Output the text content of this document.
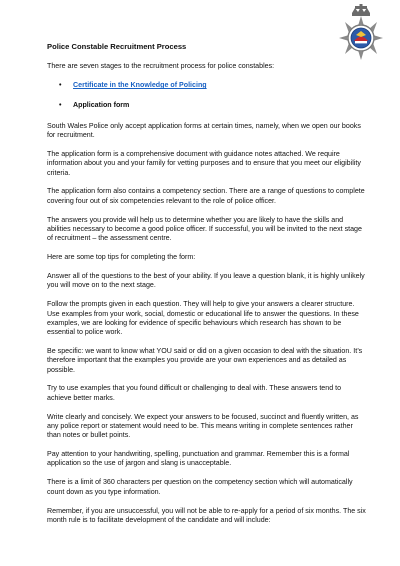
Police Constable Recruitment Process

There are seven stages to the recruitment process for police constables:

• Certificate in the Knowledge of Policing
• Application form

South Wales Police only accept application forms at certain times, namely, when we open our books for recruitment.

The application form is a comprehensive document with guidance notes attached. We require information about you and your family for vetting purposes and to ensure that you meet our eligibility criteria.

The application form also contains a competency section. There are a range of questions to complete covering four out of six competencies relevant to the role of police officer.

The answers you provide will help us to determine whether you are likely to have the skills and abilities necessary to become a good police officer. If successful, you will be invited to the next stage of recruitment – the assessment centre.

Here are some top tips for completing the form:

Answer all of the questions to the best of your ability. If you leave a question blank, it is highly unlikely you will move on to the next stage.

Follow the prompts given in each question. They will help to give your answers a clearer structure. Use examples from your work, social, domestic or educational life to answer the questions. In these examples, we are looking for evidence of specific behaviours which research has shown to be essential to police work.

Be specific: we want to know what YOU said or did on a given occasion to deal with the situation. It’s therefore important that the examples you provide are your own experiences and as detailed as possible.

Try to use examples that you found difficult or challenging to deal with. These answers tend to achieve better marks.

Write clearly and concisely. We expect your answers to be focused, succinct and fluently written, as any police report or statement would need to be. This means writing in complete sentences rather than notes or bullet points.

Pay attention to your handwriting, spelling, punctuation and grammar. Remember this is a formal application so the use of jargon and slang is unacceptable.

There is a limit of 360 characters per question on the competency section which will automatically count down as you type information.

Remember, if you are unsuccessful, you will not be able to re-apply for a period of six months. The six month rule is to facilitate development of the candidate and will include:
